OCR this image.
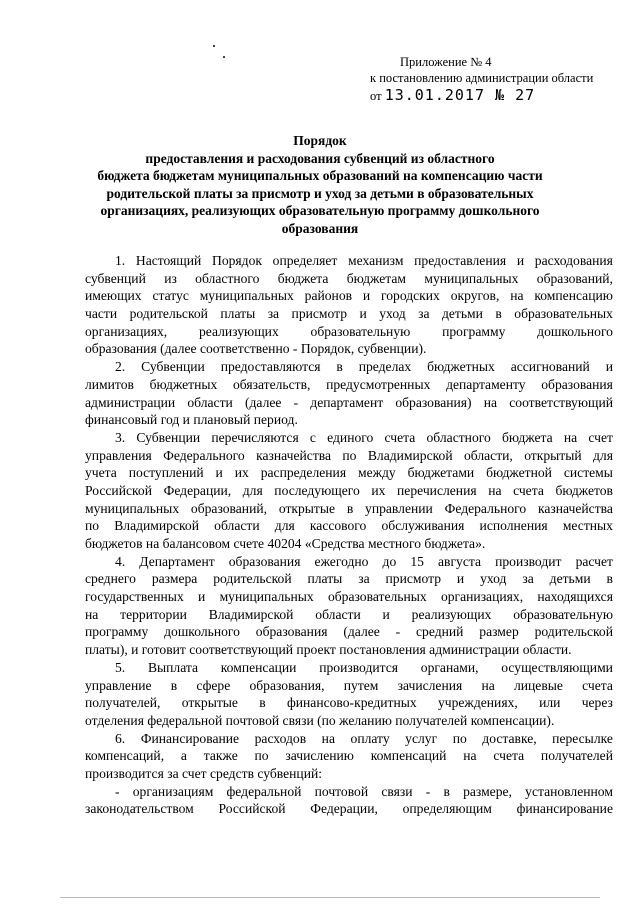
Приложение № 4
к постановлению администрации области
от 13.01.2017 № 27
Порядок
предоставления и расходования субвенций из областного
бюджета бюджетам муниципальных образований на компенсацию части
родительской платы за присмотр и уход за детьми в образовательных
организациях, реализующих образовательную программу дошкольного
образования
1. Настоящий Порядок определяет механизм предоставления и расходования
субвенций из областного бюджета бюджетам муниципальных образований,
имеющих статус муниципальных районов и городских округов, на компенсацию
части родительской платы за присмотр и уход за детьми в образовательных
организациях, реализующих образовательную программу дошкольного
образования (далее соответственно - Порядок, субвенции).
2. Субвенции предоставляются в пределах бюджетных ассигнований и
лимитов бюджетных обязательств, предусмотренных департаменту образования
администрации области (далее - департамент образования) на соответствующий
финансовый год и плановый период.
3. Субвенции перечисляются с единого счета областного бюджета на счет
управления Федерального казначейства по Владимирской области, открытый для
учета поступлений и их распределения между бюджетами бюджетной системы
Российской Федерации, для последующего их перечисления на счета бюджетов
муниципальных образований, открытые в управлении Федерального казначейства
по Владимирской области для кассового обслуживания исполнения местных
бюджетов на балансовом счете 40204 «Средства местного бюджета».
4. Департамент образования ежегодно до 15 августа производит расчет
среднего размера родительской платы за присмотр и уход за детьми в
государственных и муниципальных образовательных организациях, находящихся
на территории Владимирской области и реализующих образовательную
программу дошкольного образования (далее - средний размер родительской
платы), и готовит соответствующий проект постановления администрации области.
5. Выплата компенсации производится органами, осуществляющими
управление в сфере образования, путем зачисления на лицевые счета
получателей, открытые в финансово-кредитных учреждениях, или через
отделения федеральной почтовой связи (по желанию получателей компенсации).
6. Финансирование расходов на оплату услуг по доставке, пересылке
компенсаций, а также по зачислению компенсаций на счета получателей
производится за счет средств субвенций:
- организациям федеральной почтовой связи - в размере, установленном
законодательством Российской Федерации, определяющим финансирование
